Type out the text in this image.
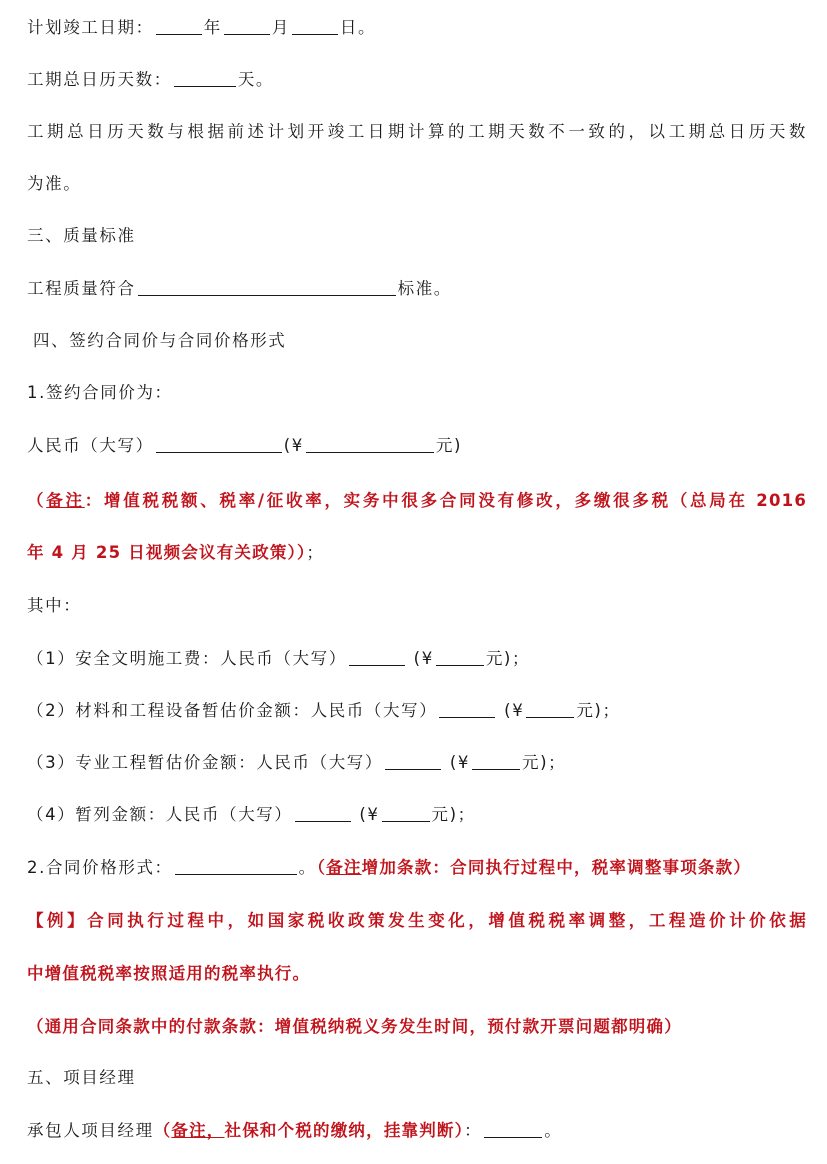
计划竣工日期：	年	月	日。
工期总日历天数：	天。
工期总日历天数与根据前述计划开竣工日期计算的工期天数不一致的，以工期总日历天数
为准。
三、质量标准
工程质量符合	标准。
四、签约合同价与合同价格形式
1.签约合同价为：
人民币（大写）	(¥	元)
（备注：增值税税额、税率/征收率，实务中很多合同没有修改，多缴很多税（总局在 2016
年 4 月 25 日视频会议有关政策））；
其中：
（1）安全文明施工费：人民币（大写）	(¥	元)；
（2）材料和工程设备暂估价金额：人民币（大写）	(¥	元)；
（3）专业工程暂估价金额：人民币（大写）	(¥	元)；
（4）暂列金额：人民币（大写）	(¥	元)；
2.合同价格形式：	。（备注增加条款：合同执行过程中，税率调整事项条款）
【例】合同执行过程中，如国家税收政策发生变化，增值税税率调整，工程造价计价依据
中增值税税率按照适用的税率执行。
（通用合同条款中的付款条款：增值税纳税义务发生时间，预付款开票问题都明确）
五、项目经理
承包人项目经理（备注，社保和个税的缴纳，挂靠判断）：	。
